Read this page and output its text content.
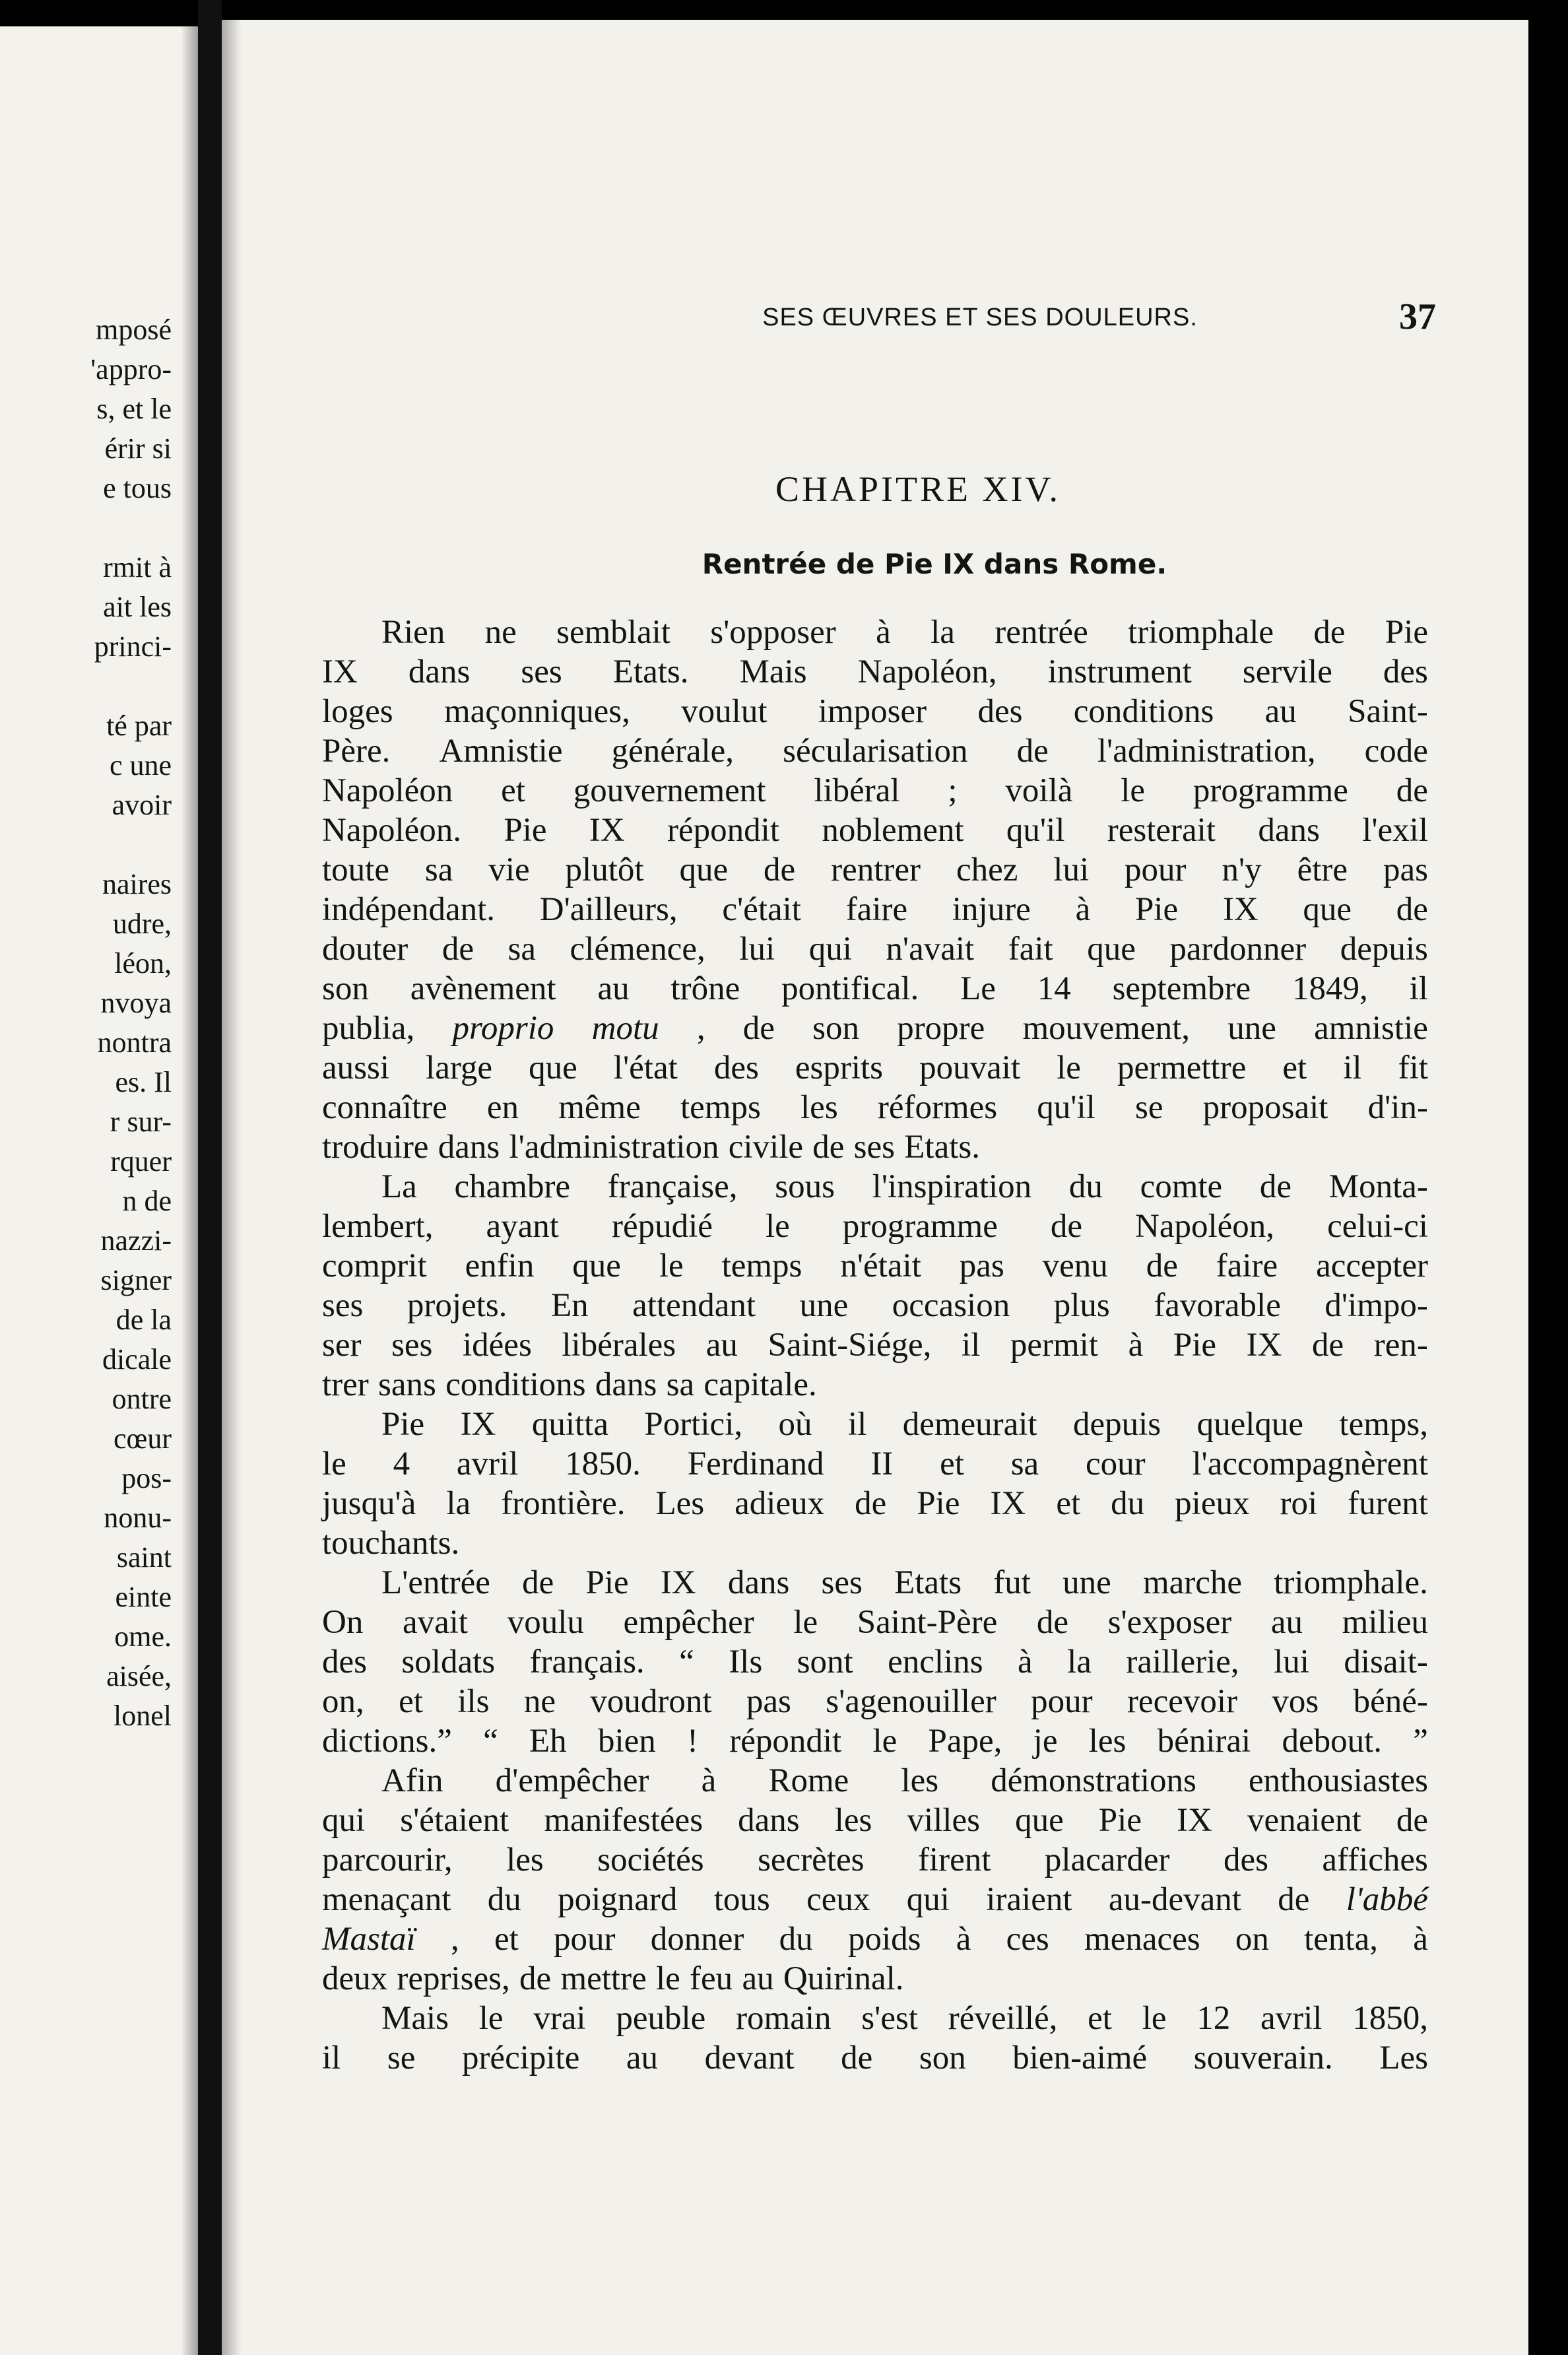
mposé
'appro-
s, et le
érir si
e tous
rmit à
ait les
princi-
té par
c une
avoir
naires
udre,
léon,
nvoya
nontra
es. Il
r sur-
rquer
n de
nazzi-
signer
de la
dicale
ontre
cœur
pos-
nonu-
saint
einte
ome.
aisée,
lonel
SES ŒUVRES ET SES DOULEURS.	37
CHAPITRE XIV.
Rentrée de Pie IX dans Rome.
Rien ne semblait s'opposer à la rentrée triomphale de Pie
IX dans ses Etats. Mais Napoléon, instrument servile des
loges maçonniques, voulut imposer des conditions au Saint-
Père. Amnistie générale, sécularisation de l'administration, code
Napoléon et gouvernement libéral ; voilà le programme de
Napoléon. Pie IX répondit noblement qu'il resterait dans l'exil
toute sa vie plutôt que de rentrer chez lui pour n'y être pas
indépendant. D'ailleurs, c'était faire injure à Pie IX que de
douter de sa clémence, lui qui n'avait fait que pardonner depuis
son avènement au trône pontifical. Le 14 septembre 1849, il
publia, proprio motu , de son propre mouvement, une amnistie
aussi large que l'état des esprits pouvait le permettre et il fit
connaître en même temps les réformes qu'il se proposait d'in-
troduire dans l'administration civile de ses Etats.
La chambre française, sous l'inspiration du comte de Monta-
lembert, ayant répudié le programme de Napoléon, celui-ci
comprit enfin que le temps n'était pas venu de faire accepter
ses projets. En attendant une occasion plus favorable d'impo-
ser ses idées libérales au Saint-Siége, il permit à Pie IX de ren-
trer sans conditions dans sa capitale.
Pie IX quitta Portici, où il demeurait depuis quelque temps,
le 4 avril 1850. Ferdinand II et sa cour l'accompagnèrent
jusqu'à la frontière. Les adieux de Pie IX et du pieux roi furent
touchants.
L'entrée de Pie IX dans ses Etats fut une marche triomphale.
On avait voulu empêcher le Saint-Père de s'exposer au milieu
des soldats français. “ Ils sont enclins à la raillerie, lui disait-
on, et ils ne voudront pas s'agenouiller pour recevoir vos béné-
dictions.” “ Eh bien ! répondit le Pape, je les bénirai debout. ”
Afin d'empêcher à Rome les démonstrations enthousiastes
qui s'étaient manifestées dans les villes que Pie IX venaient de
parcourir, les sociétés secrètes firent placarder des affiches
menaçant du poignard tous ceux qui iraient au-devant de l'abbé
Mastaï , et pour donner du poids à ces menaces on tenta, à
deux reprises, de mettre le feu au Quirinal.
Mais le vrai peuble romain s'est réveillé, et le 12 avril 1850,
il se précipite au devant de son bien-aimé souverain. Les
